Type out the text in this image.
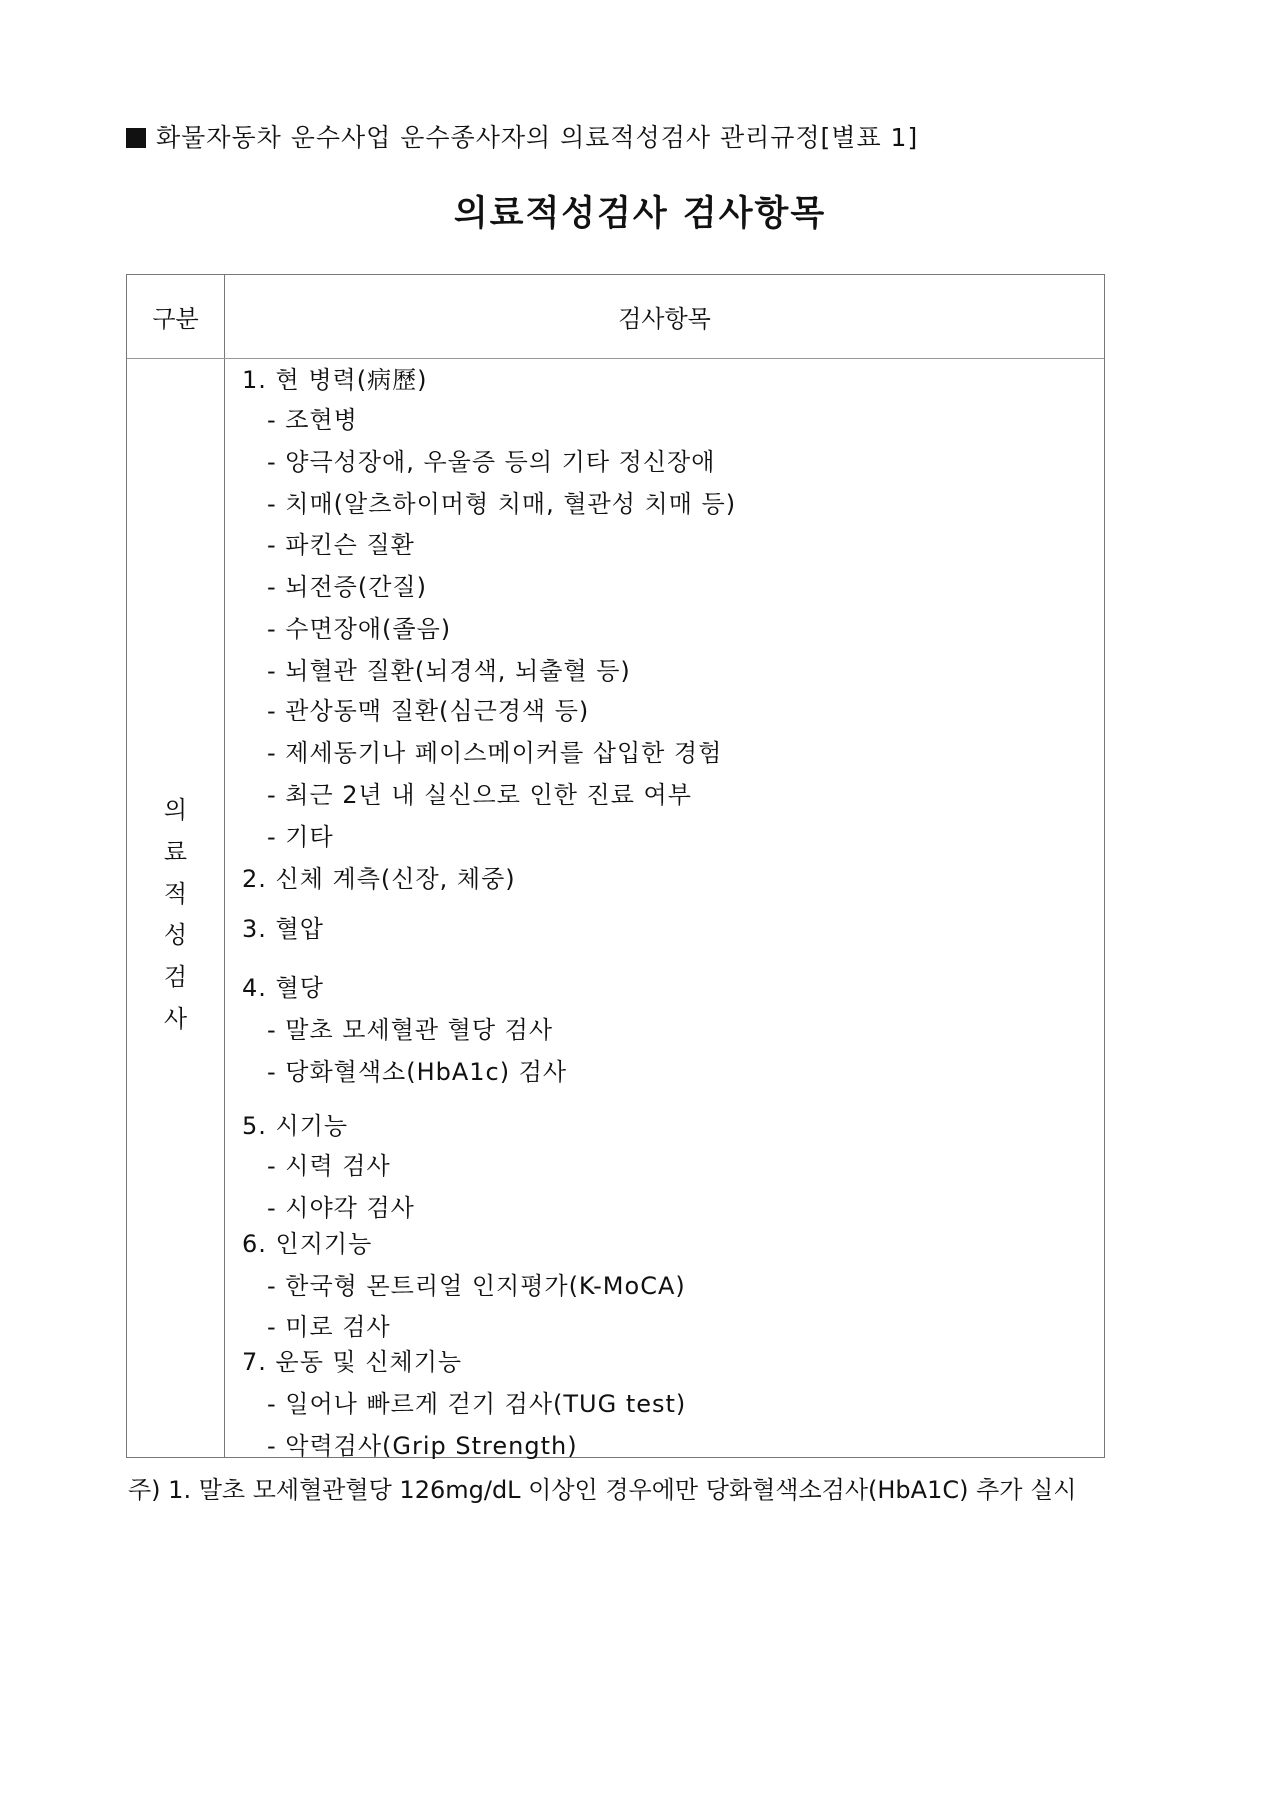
화물자동차 운수사업 운수종사자의 의료적성검사 관리규정[별표 1]
의료적성검사 검사항목
구분	검사항목
의
료
적
성
검
사
1. 현 병력(病歷)
- 조현병
- 양극성장애, 우울증 등의 기타 정신장애
- 치매(알츠하이머형 치매, 혈관성 치매 등)
- 파킨슨 질환
- 뇌전증(간질)
- 수면장애(졸음)
- 뇌혈관 질환(뇌경색, 뇌출혈 등)
- 관상동맥 질환(심근경색 등)
- 제세동기나 페이스메이커를 삽입한 경험
- 최근 2년 내 실신으로 인한 진료 여부
- 기타
2. 신체 계측(신장, 체중)
3. 혈압
4. 혈당
- 말초 모세혈관 혈당 검사
- 당화혈색소(HbA1c) 검사
5. 시기능
- 시력 검사
- 시야각 검사
6. 인지기능
- 한국형 몬트리얼 인지평가(K-MoCA)
- 미로 검사
7. 운동 및 신체기능
- 일어나 빠르게 걷기 검사(TUG test)
- 악력검사(Grip Strength)
주) 1. 말초 모세혈관혈당 126mg/dL 이상인 경우에만 당화혈색소검사(HbA1C) 추가 실시
